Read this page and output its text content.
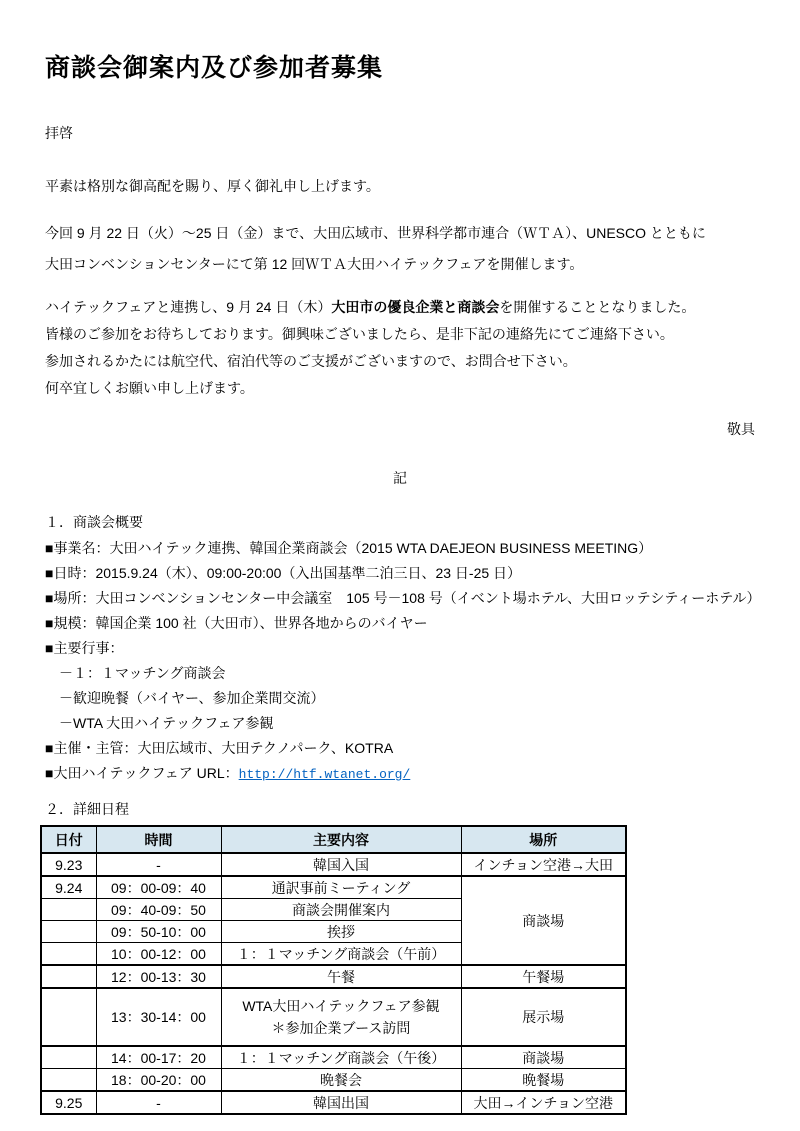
商談会御案内及び参加者募集
拝啓
平素は格別な御高配を賜り、厚く御礼申し上げます。
今回 9 月 22 日（火）～25 日（金）まで、大田広域市、世界科学都市連合（ＷＴＡ）、UNESCO とともに
大田コンベンションセンターにて第 12 回ＷＴＡ大田ハイテックフェアを開催します。
ハイテックフェアと連携し、9 月 24 日（木）大田市の優良企業と商談会を開催することとなりました。
皆様のご参加をお待ちしております。御興味ございましたら、是非下記の連絡先にてご連絡下さい。
参加されるかたには航空代、宿泊代等のご支援がございますので、お問合せ下さい。
何卒宜しくお願い申し上げます。
敬具
記
１．商談会概要
■事業名：大田ハイテック連携、韓国企業商談会（2015 WTA DAEJEON BUSINESS MEETING）
■日時：2015.9.24（木）、09:00-20:00（入出国基準二泊三日、23 日-25 日）
■場所：大田コンベンションセンター中会議室　105 号－108 号（イベント場ホテル、大田ロッテシティーホテル）
■規模：韓国企業 100 社（大田市）、世界各地からのバイヤー
■主要行事：
－１：１マッチング商談会
－歓迎晩餐（バイヤー、参加企業間交流）
－WTA 大田ハイテックフェア参観
■主催・主管：大田広域市、大田テクノパーク、KOTRA
■大田ハイテックフェア URL：http://htf.wtanet.org/
２．詳細日程
日付	時間	主要内容	場所
9.23	-	韓国入国	インチョン空港→大田
9.24	09：00-09：40	通訳事前ミーティング	商談場
	09：40-09：50	商談会開催案内	
	09：50-10：00	挨拶	
	10：00-12：00	１：１マッチング商談会（午前）	
	12：00-13：30	午餐	午餐場
	13：30-14：00	WTA大田ハイテックフェア参観
＊参加企業ブース訪問	展示場
	14：00-17：20	１：１マッチング商談会（午後）	商談場
	18：00-20：00	晩餐会	晩餐場
9.25	-	韓国出国	大田→インチョン空港
